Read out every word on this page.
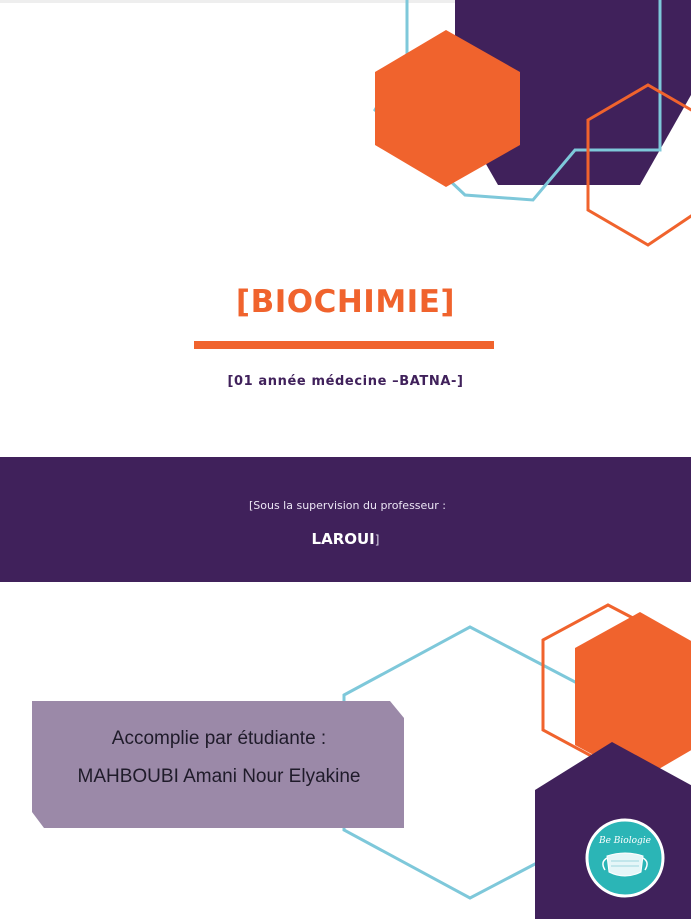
[BIOCHIMIE]
[01 année médecine –BATNA-]
[Sous la supervision du professeur :
LAROUI]
Accomplie par étudiante :
MAHBOUBI Amani Nour Elyakine
Be Biologie
